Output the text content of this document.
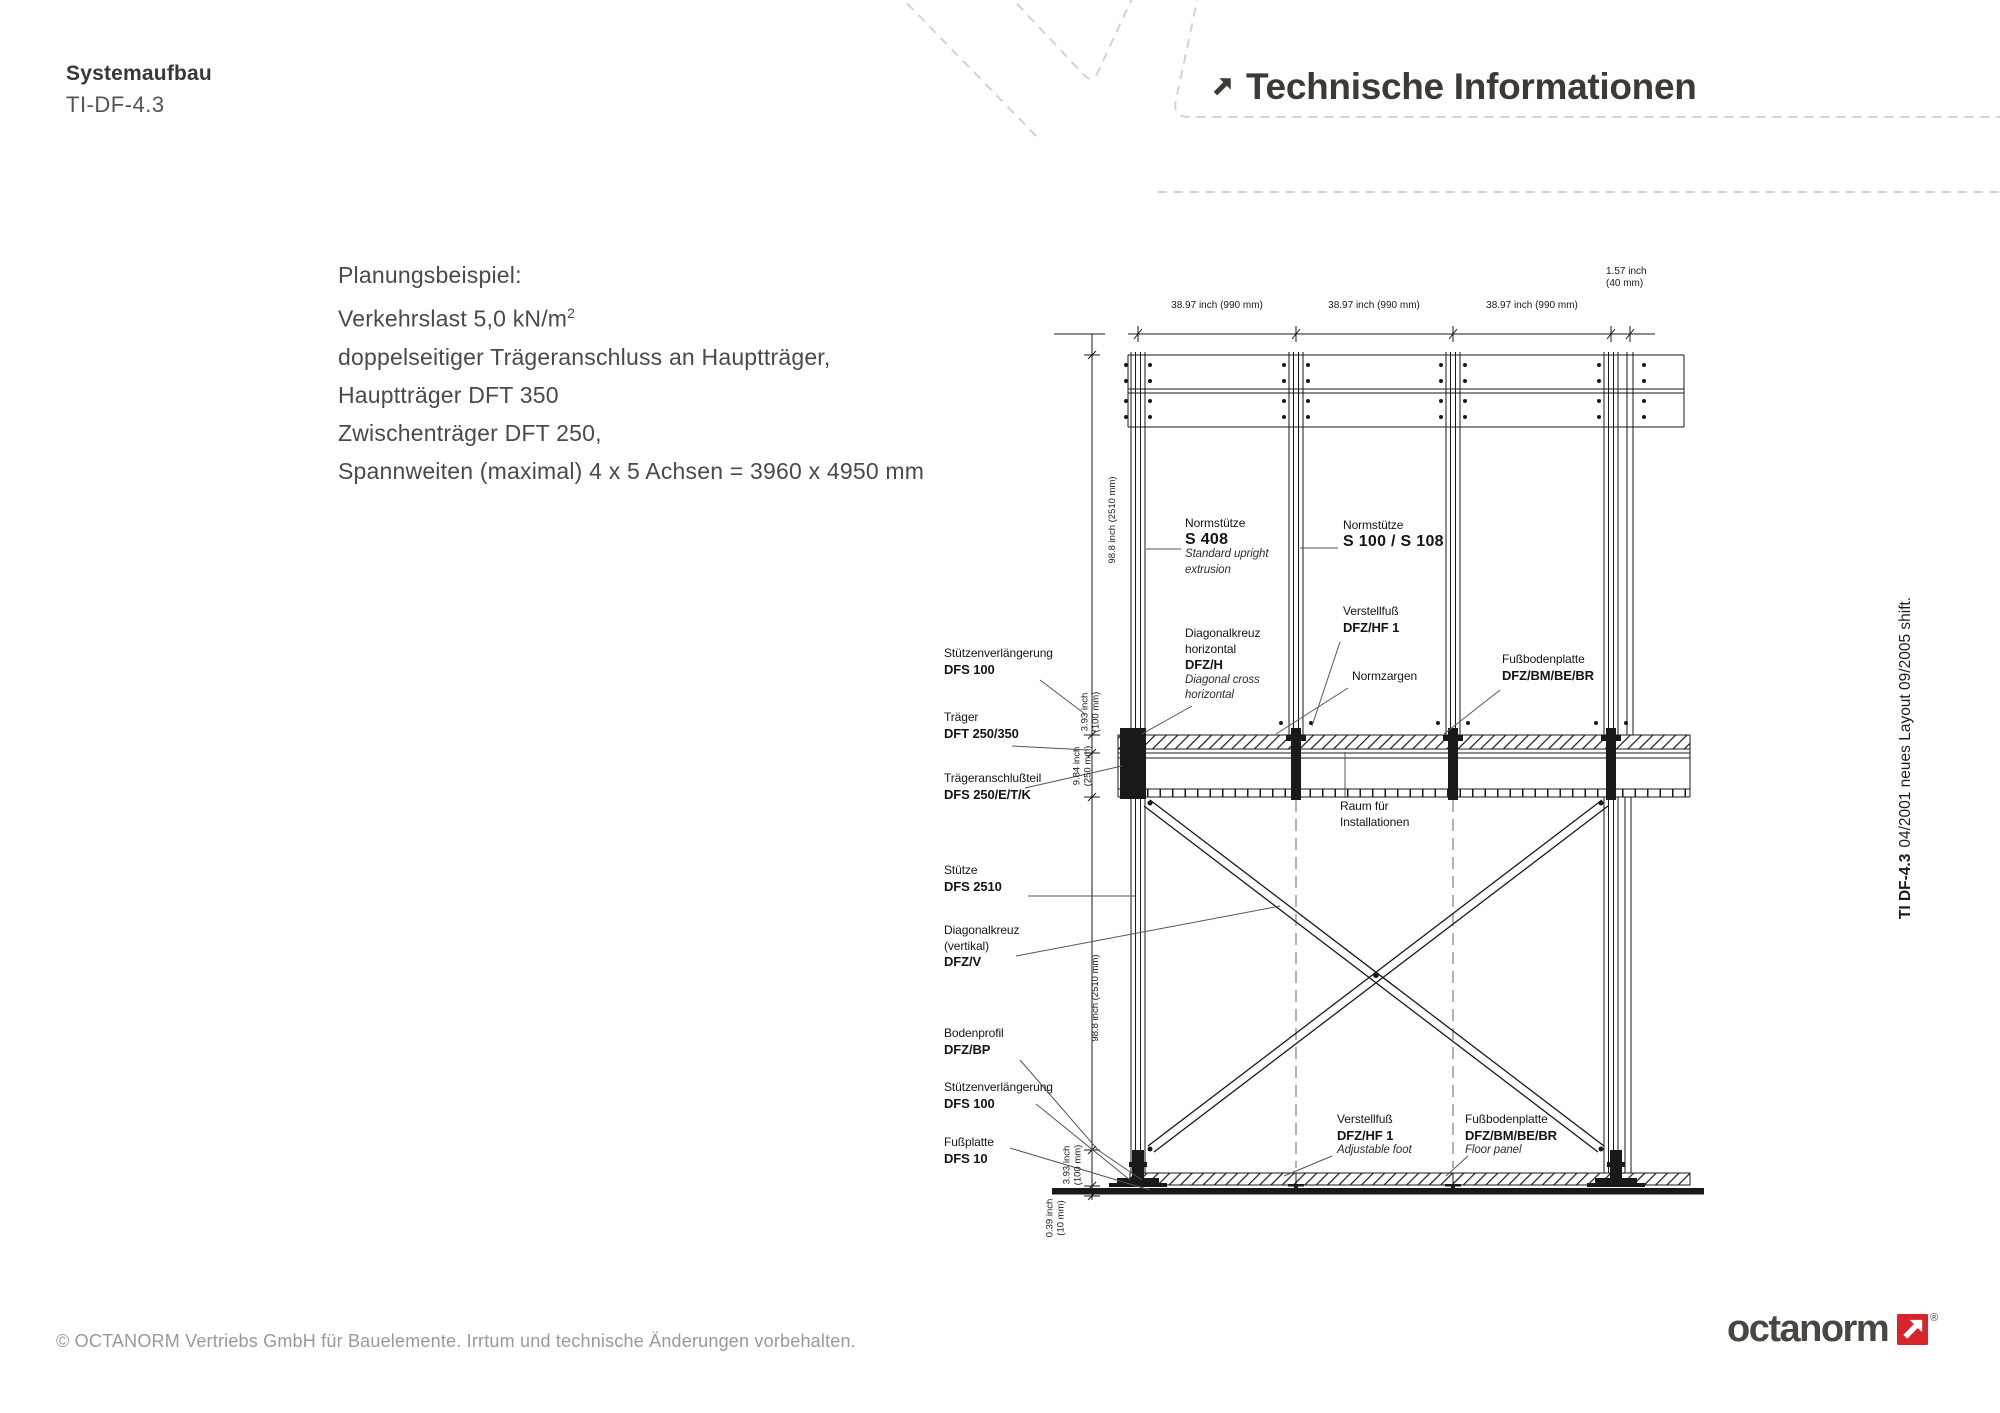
Systemaufbau
TI-DF-4.3	Technische Informationen
Planungsbeispiel:
Verkehrslast 5,0 $kN/m^2$
doppelseitiger Trägeranschluss an Hauptträger,
Hauptträger DFT 350
Zwischenträger DFT 250,
Spannweiten (maximal) 4 x 5 Achsen = 3960 x 4950 mm
38.97 inch (990 mm)	38.97 inch (990 mm)	38.97 inch (990 mm)
1.57 inch
(40 mm)
98.8 inch (2510 mm)
3.93 inch (100 mm)
9.84 inch (250 mm)
98.8 inch (2510 mm)
3.93 inch (100 mm)
0.39 inch (10 mm)
Stützenverlängerung
DFS 100
Träger
DFT 250/350
Trägeranschlußteil
DFS 250/E/T/K
Stütze
DFS 2510
Diagonalkreuz
(vertikal)
DFZ/V
Bodenprofil
DFZ/BP
Stützenverlängerung
DFS 100
Fußplatte
DFS 10
Normstütze
S 408
Standard upright
extrusion
Normstütze
S 100 / S 108
Verstellfuß
DFZ/HF 1
Diagonalkreuz
horizontal
DFZ/H
Diagonal cross
horizontal
Normzargen
Fußbodenplatte
DFZ/BM/BE/BR
Raum für
Installationen
Verstellfuß
DFZ/HF 1
Adjustable foot
Fußbodenplatte
DFZ/BM/BE/BR
Floor panel
TI DF-4.304/2001 neues Layout 09/2005 shift.
© OCTANORM Vertriebs GmbH für Bauelemente. Irrtum und technische Änderungen vorbehalten.	octanorm	®
